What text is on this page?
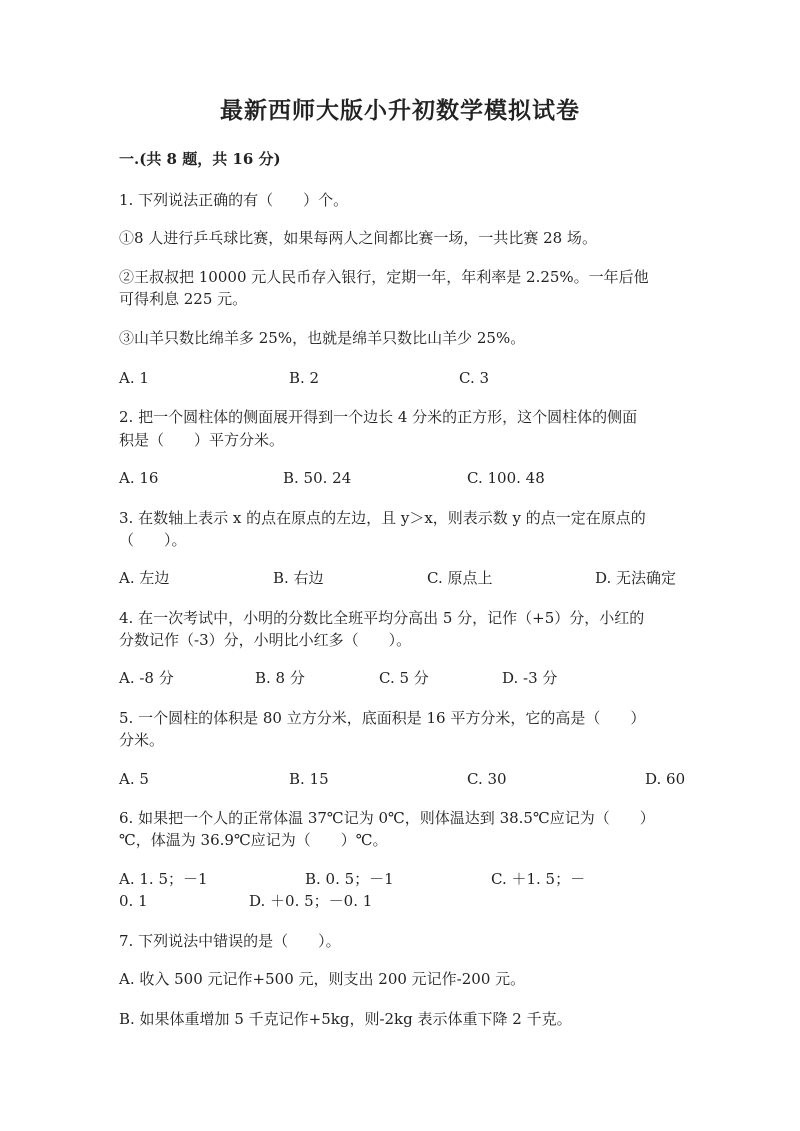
最新西师大版小升初数学模拟试卷
一.(共 8 题，共 16 分)
1. 下列说法正确的有（　　）个。
①8 人进行乒乓球比赛，如果每两人之间都比赛一场，一共比赛 28 场。
②王叔叔把 10000 元人民币存入银行，定期一年，年利率是 2.25%。一年后他
可得利息 225 元。
③山羊只数比绵羊多 25%，也就是绵羊只数比山羊少 25%。
A. 1	B. 2	C. 3
2. 把一个圆柱体的侧面展开得到一个边长 4 分米的正方形，这个圆柱体的侧面
积是（　　）平方分米。
A. 16	B. 50. 24	C. 100. 48
3. 在数轴上表示 x 的点在原点的左边，且 y＞x，则表示数 y 的点一定在原点的
（　　）。
A. 左边	B. 右边	C. 原点上	D. 无法确定
4. 在一次考试中，小明的分数比全班平均分高出 5 分，记作（+5）分，小红的
分数记作（-3）分，小明比小红多（　　）。
A. -8 分	B. 8 分	C. 5 分	D. -3 分
5. 一个圆柱的体积是 80 立方分米，底面积是 16 平方分米，它的高是（　　）
分米。
A. 5	B. 15	C. 30	D. 60
6. 如果把一个人的正常体温 37℃记为 0℃，则体温达到 38.5℃应记为（　　）
℃，体温为 36.9℃应记为（　　）℃。
A. 1. 5；－1	B. 0. 5；－1	C. ＋1. 5；－
0. 1	D. ＋0. 5；－0. 1
7. 下列说法中错误的是（　　）。
A. 收入 500 元记作+500 元，则支出 200 元记作-200 元。
B. 如果体重增加 5 千克记作+5kg，则-2kg 表示体重下降 2 千克。
